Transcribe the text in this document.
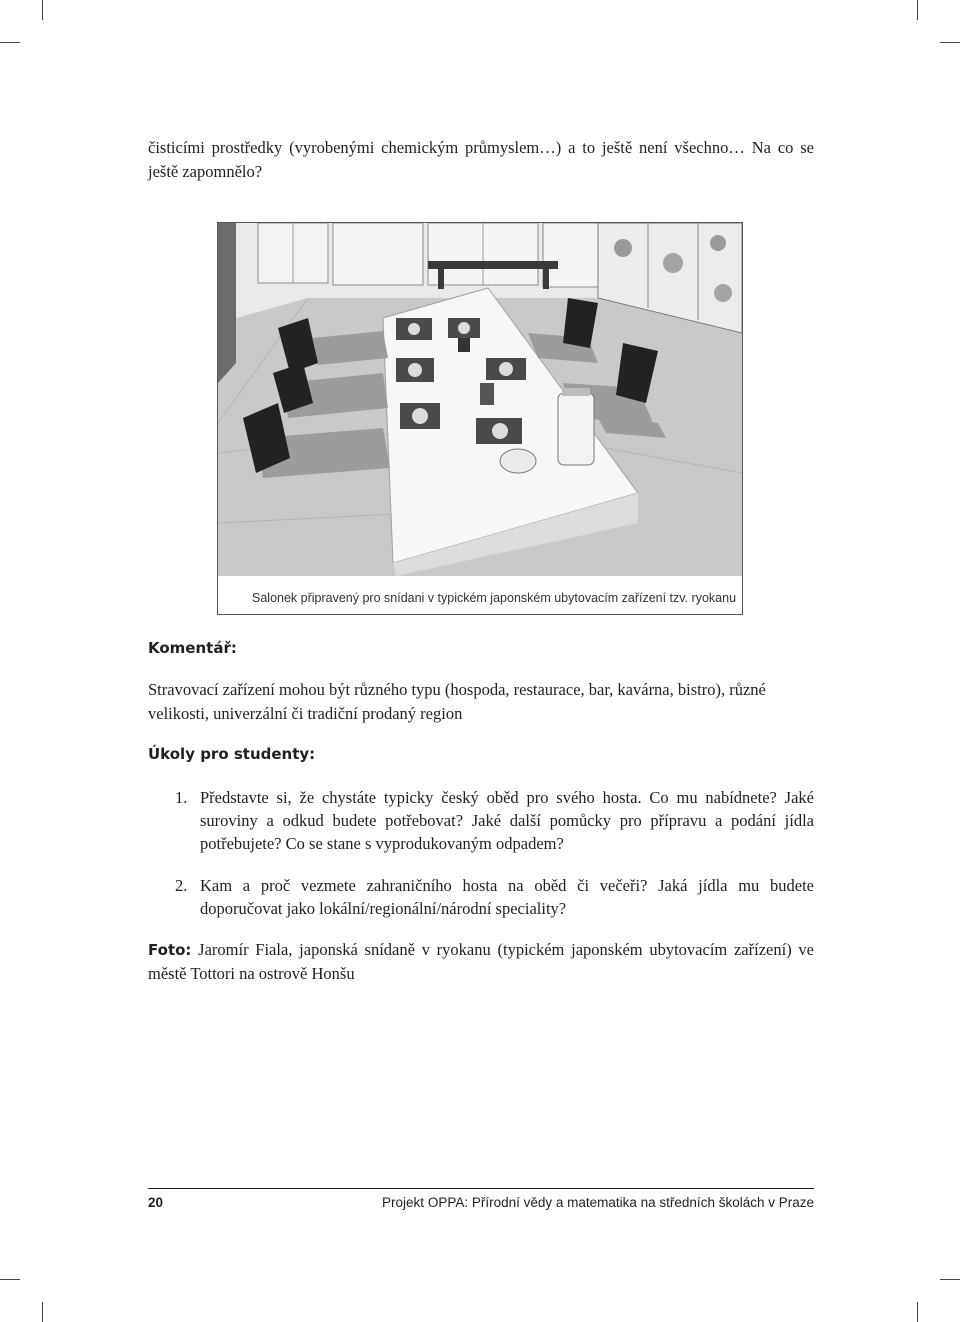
čisticími prostředky (vyrobenými chemickým průmyslem…) a to ještě není všechno… Na co se ještě zapomnělo?

Salonek připravený pro snídani v typickém japonském ubytovacím zařízení tzv. ryokanu

Komentář:

Stravovací zařízení mohou být různého typu (hospoda, restaurace, bar, kavárna, bistro), různé velikosti, univerzální či tradiční prodaný region

Úkoly pro studenty:
1. Představte si, že chystáte typicky český oběd pro svého hosta. Co mu nabídnete? Jaké suroviny a odkud budete potřebovat? Jaké další pomůcky pro přípravu a podání jídla potřebujete? Co se stane s vyprodukovaným odpadem?
2. Kam a proč vezmete zahraničního hosta na oběd či večeři? Jaká jídla mu budete doporučovat jako lokální/regionální/národní speciality?

Foto: Jaromír Fiala, japonská snídaně v ryokanu (typickém japonském ubytovacím zařízení) ve městě Tottori na ostrově Honšu

20	Projekt OPPA: Přírodní vědy a matematika na středních školách v Praze
